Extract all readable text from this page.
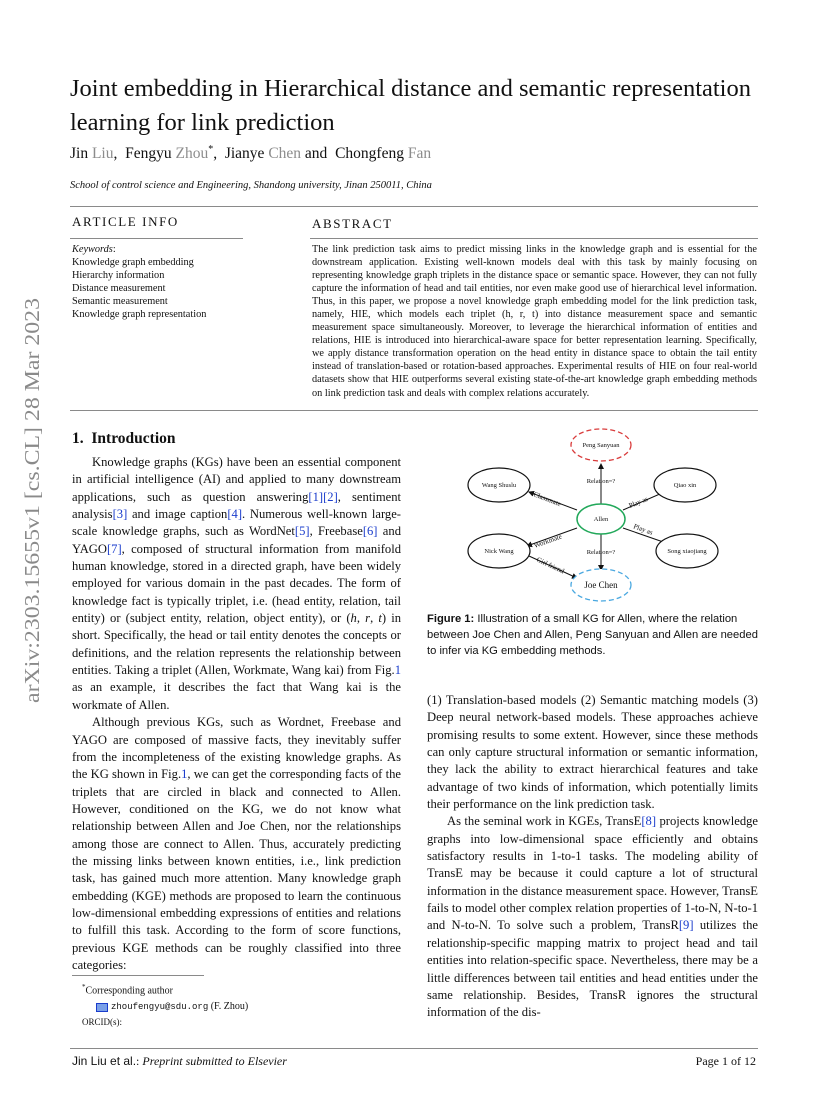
arXiv:2303.15655v1 [cs.CL] 28 Mar 2023
Joint embedding in Hierarchical distance and semantic representation learning for link prediction
Jin Liu, Fengyu Zhou*, Jianye Chen and Chongfeng Fan
School of control science and Engineering, Shandong university, Jinan 250011, China
ARTICLE INFO
Keywords:
Knowledge graph embedding
Hierarchy information
Distance measurement
Semantic measurement
Knowledge graph representation
ABSTRACT
The link prediction task aims to predict missing links in the knowledge graph and is essential for the downstream application. Existing well-known models deal with this task by mainly focusing on representing knowledge graph triplets in the distance space or semantic space. However, they can not fully capture the information of head and tail entities, nor even make good use of hierarchical level information. Thus, in this paper, we propose a novel knowledge graph embedding model for the link prediction task, namely, HIE, which models each triplet (h, r, t) into distance measurement space and semantic measurement space simultaneously. Moreover, to leverage the hierarchical information of entities and relations, HIE is introduced into hierarchical-aware space for better representation learning. Specifically, we apply distance transformation operation on the head entity in distance space to obtain the tail entity instead of translation-based or rotation-based approaches. Experimental results of HIE on four real-world datasets show that HIE outperforms several existing state-of-the-art knowledge graph embedding methods on link prediction task and deals with complex relations accurately.
1. Introduction

Knowledge graphs (KGs) have been an essential component in artificial intelligence (AI) and applied to many downstream applications, such as question answering[1][2], sentiment analysis[3] and image caption[4]. Numerous well-known large-scale knowledge graphs, such as WordNet[5], Freebase[6] and YAGO[7], composed of structural information from manifold human knowledge, stored in a directed graph, have been widely employed for various domain in the past decades. The form of knowledge fact is typically triplet, i.e. (head entity, relation, tail entity) or (subject entity, relation, object entity), or (h, r, t) in short. Specifically, the head or tail entity denotes the concepts or definitions, and the relation represents the relationship between entities. Taking a triplet (Allen, Workmate, Wang kai) from Fig.1 as an example, it describes the fact that Wang kai is the workmate of Allen.

Although previous KGs, such as Wordnet, Freebase and YAGO are composed of massive facts, they inevitably suffer from the incompleteness of the existing knowledge graphs. As the KG shown in Fig.1, we can get the corresponding facts of the triplets that are circled in black and connected to Allen. However, conditioned on the KG, we do not know what relationship between Allen and Joe Chen, nor the relationships among those are connect to Allen. Thus, accurately predicting the missing links between known entities, i.e., link prediction task, has gained much more attention. Many knowledge graph embedding (KGE) methods are proposed to learn the continuous low-dimensional embedding expressions of entities and relations to fulfill this task. According to the form of score functions, previous KGE methods can be roughly classified into three categories:

*Corresponding author
zhoufengyu@sdu.org (F. Zhou)
ORCID(s):
Peng Sanyuan
Wang Shuslu	Qiao xin
Allen
Nick Wang	Song xiaojiang
Joe Chen
Relation=?
Relation=?
Classmate	Play as
Workmate
Play as
Girl friend
Figure 1: Illustration of a small KG for Allen, where the relation between Joe Chen and Allen, Peng Sanyuan and Allen are needed to infer via KG embedding methods.

(1) Translation-based models (2) Semantic matching models (3) Deep neural network-based models. These approaches achieve promising results to some extent. However, since these methods can only capture structural information or semantic information, they lack the ability to extract hierarchical features and take advantage of two kinds of information, which potentially limits their performance on the link prediction task.

As the seminal work in KGEs, TransE[8] projects knowledge graphs into low-dimensional space efficiently and obtains satisfactory results in 1-to-1 tasks. The modeling ability of TransE may be because it could capture a lot of structural information in the distance measurement space. However, TransE fails to model other complex relation properties of 1-to-N, N-to-1 and N-to-N. To solve such a problem, TransR[9] utilizes the relationship-specific mapping matrix to project head and tail entities into relation-specific space. Nevertheless, there may be a little differences between tail entities and head entities under the same relationship. Besides, TransR ignores the structural information of the dis-

Jin Liu et al.: Preprint submitted to Elsevier	Page 1 of 12
